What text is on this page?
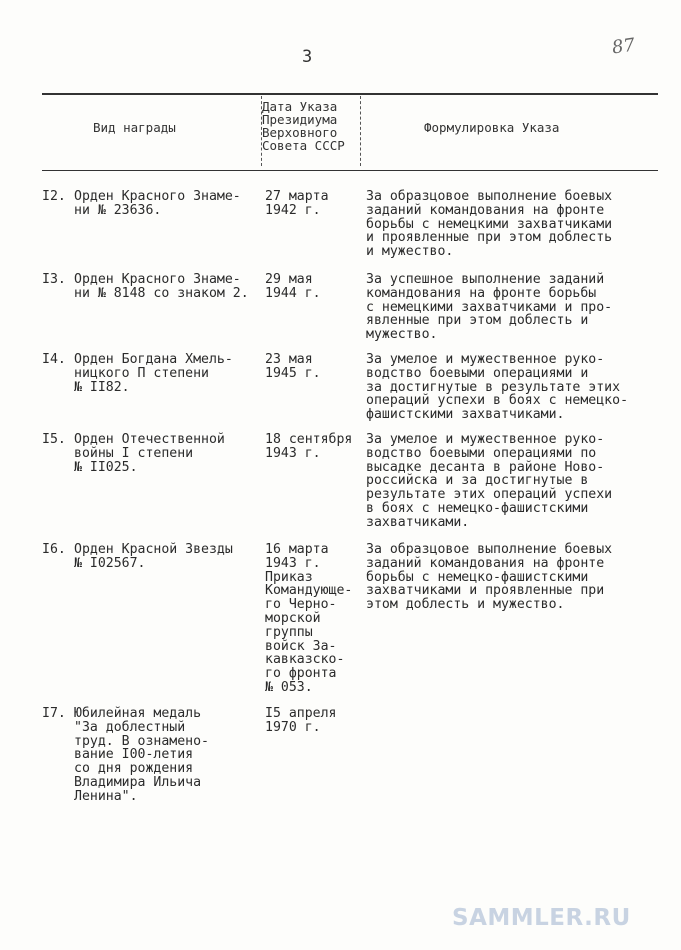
3	87
Вид награды
Дата Указа
Президиума
Верховного
Совета СССР
Формулировка Указа
I2. Орден Красного Знаме-
ни № 23636.
27 марта
1942 г.
За образцовое выполнение боевых
заданий командования на фронте
борьбы с немецкими захватчиками
и проявленные при этом доблесть
и мужество.
I3. Орден Красного Знаме-
ни № 8148 со знаком 2.
29 мая
1944 г.
За успешное выполнение заданий
командования на фронте борьбы
с немецкими захватчиками и про-
явленные при этом доблесть и
мужество.
I4. Орден Богдана Хмель-
ницкого П степени
№ II82.
23 мая
1945 г.
За умелое и мужественное руко-
водство боевыми операциями и
за достигнутые в результате этих
операций успехи в боях с немецко-
фашистскими захватчиками.
I5. Орден Отечественной
войны I степени
№ II025.
18 сентября
1943 г.
За умелое и мужественное руко-
водство боевыми операциями по
высадке десанта в районе Ново-
российска и за достигнутые в
результате этих операций успехи
в боях с немецко-фашистскими
захватчиками.
I6. Орден Красной Звезды
№ I02567.
16 марта
1943 г.
Приказ
Командующе-
го Черно-
морской
группы
войск За-
кавказско-
го фронта
№ 053.
За образцовое выполнение боевых
заданий командования на фронте
борьбы с немецко-фашистскими
захватчиками и проявленные при
этом доблесть и мужество.
I7. Юбилейная медаль
"За доблестный
труд. В ознамено-
вание I00-летия
со дня рождения
Владимира Ильича
Ленина".
I5 апреля
1970 г.
SAMMLER.RU
